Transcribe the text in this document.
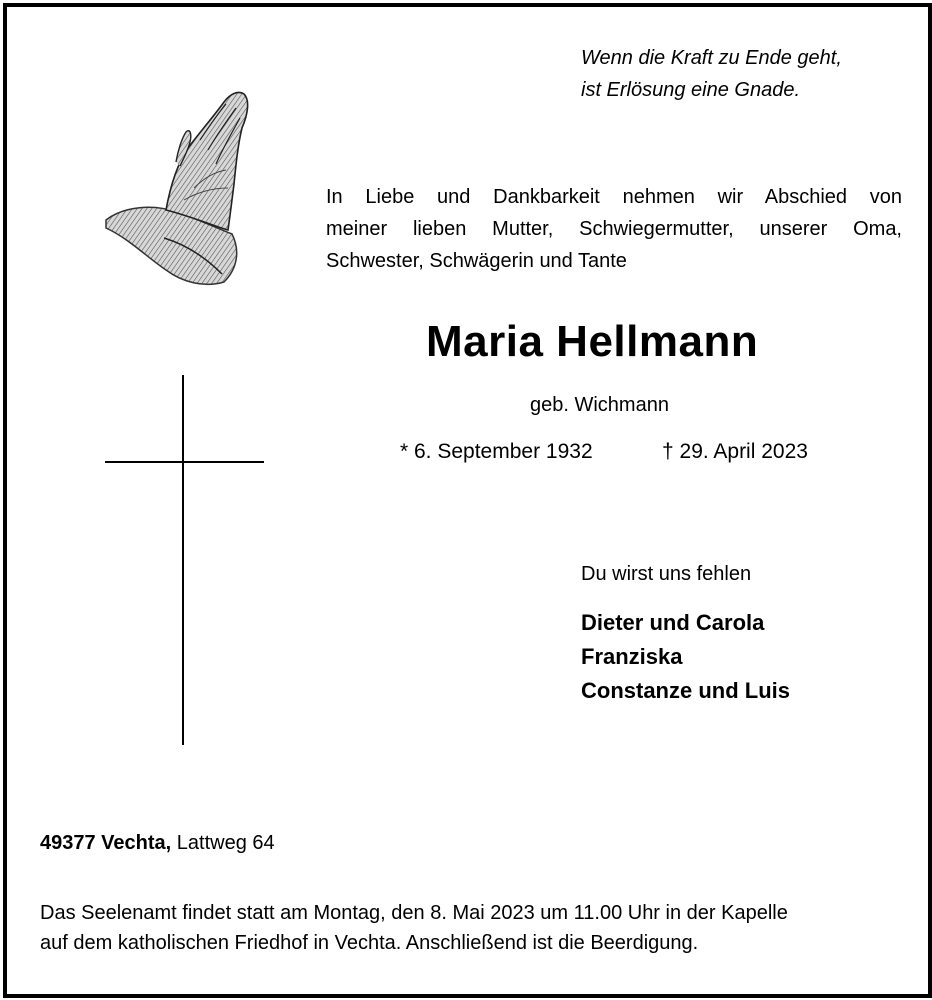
Wenn die Kraft zu Ende geht,
ist Erlösung eine Gnade.
In Liebe und Dankbarkeit nehmen wir Abschied von
meiner lieben Mutter, Schwiegermutter, unserer Oma,
Schwester, Schwägerin und Tante
Maria Hellmann
geb. Wichmann
* 6. September 1932	† 29. April 2023
Du wirst uns fehlen
Dieter und Carola
Franziska
Constanze und Luis
49377 Vechta, Lattweg 64
Das Seelenamt findet statt am Montag, den 8. Mai 2023 um 11.00 Uhr in der Kapelle
auf dem katholischen Friedhof in Vechta. Anschließend ist die Beerdigung.
